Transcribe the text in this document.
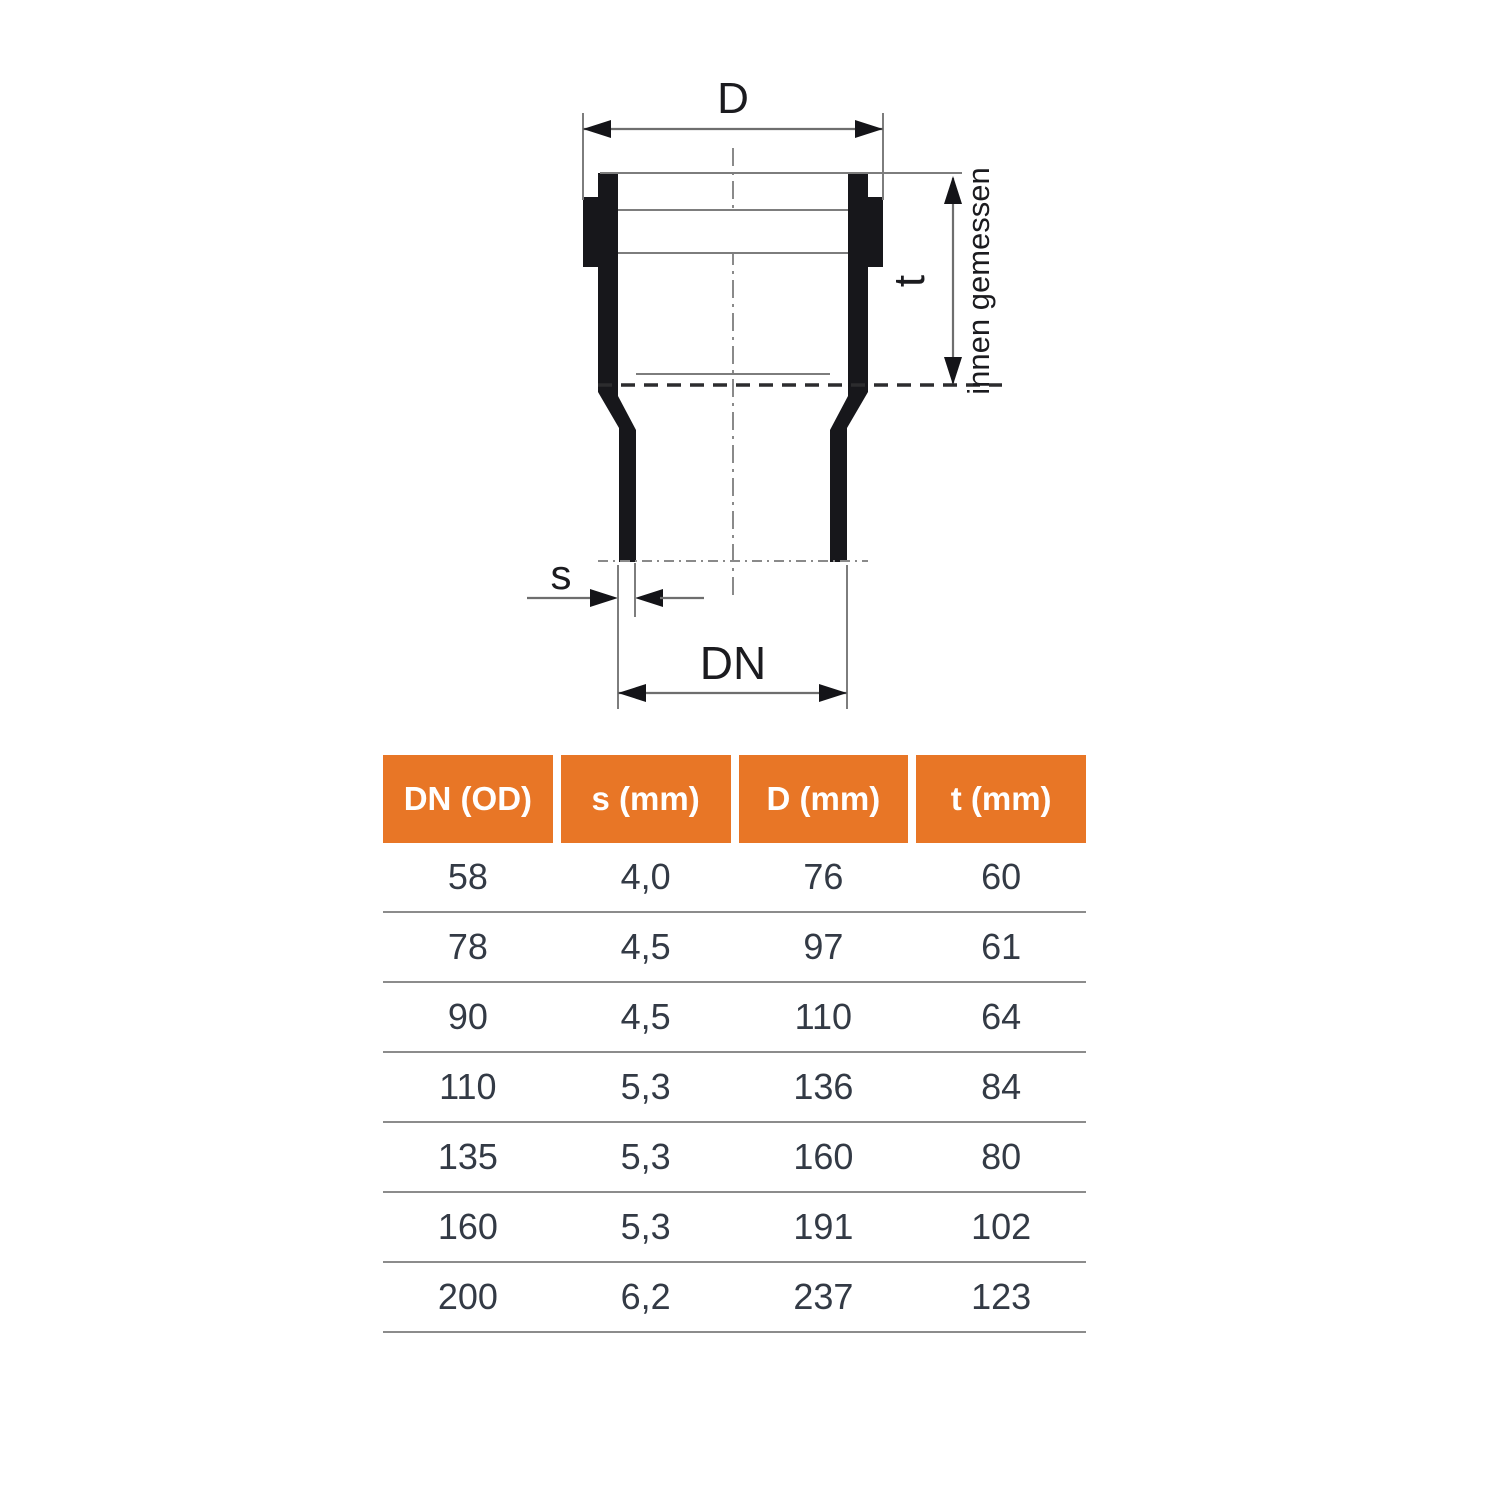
D
t innen gemessen
s
DN
DN (OD)	s (mm)	D (mm)	t (mm)
58	4,0	76	60
78	4,5	97	61
90	4,5	110	64
110	5,3	136	84
135	5,3	160	80
160	5,3	191	102
200	6,2	237	123
